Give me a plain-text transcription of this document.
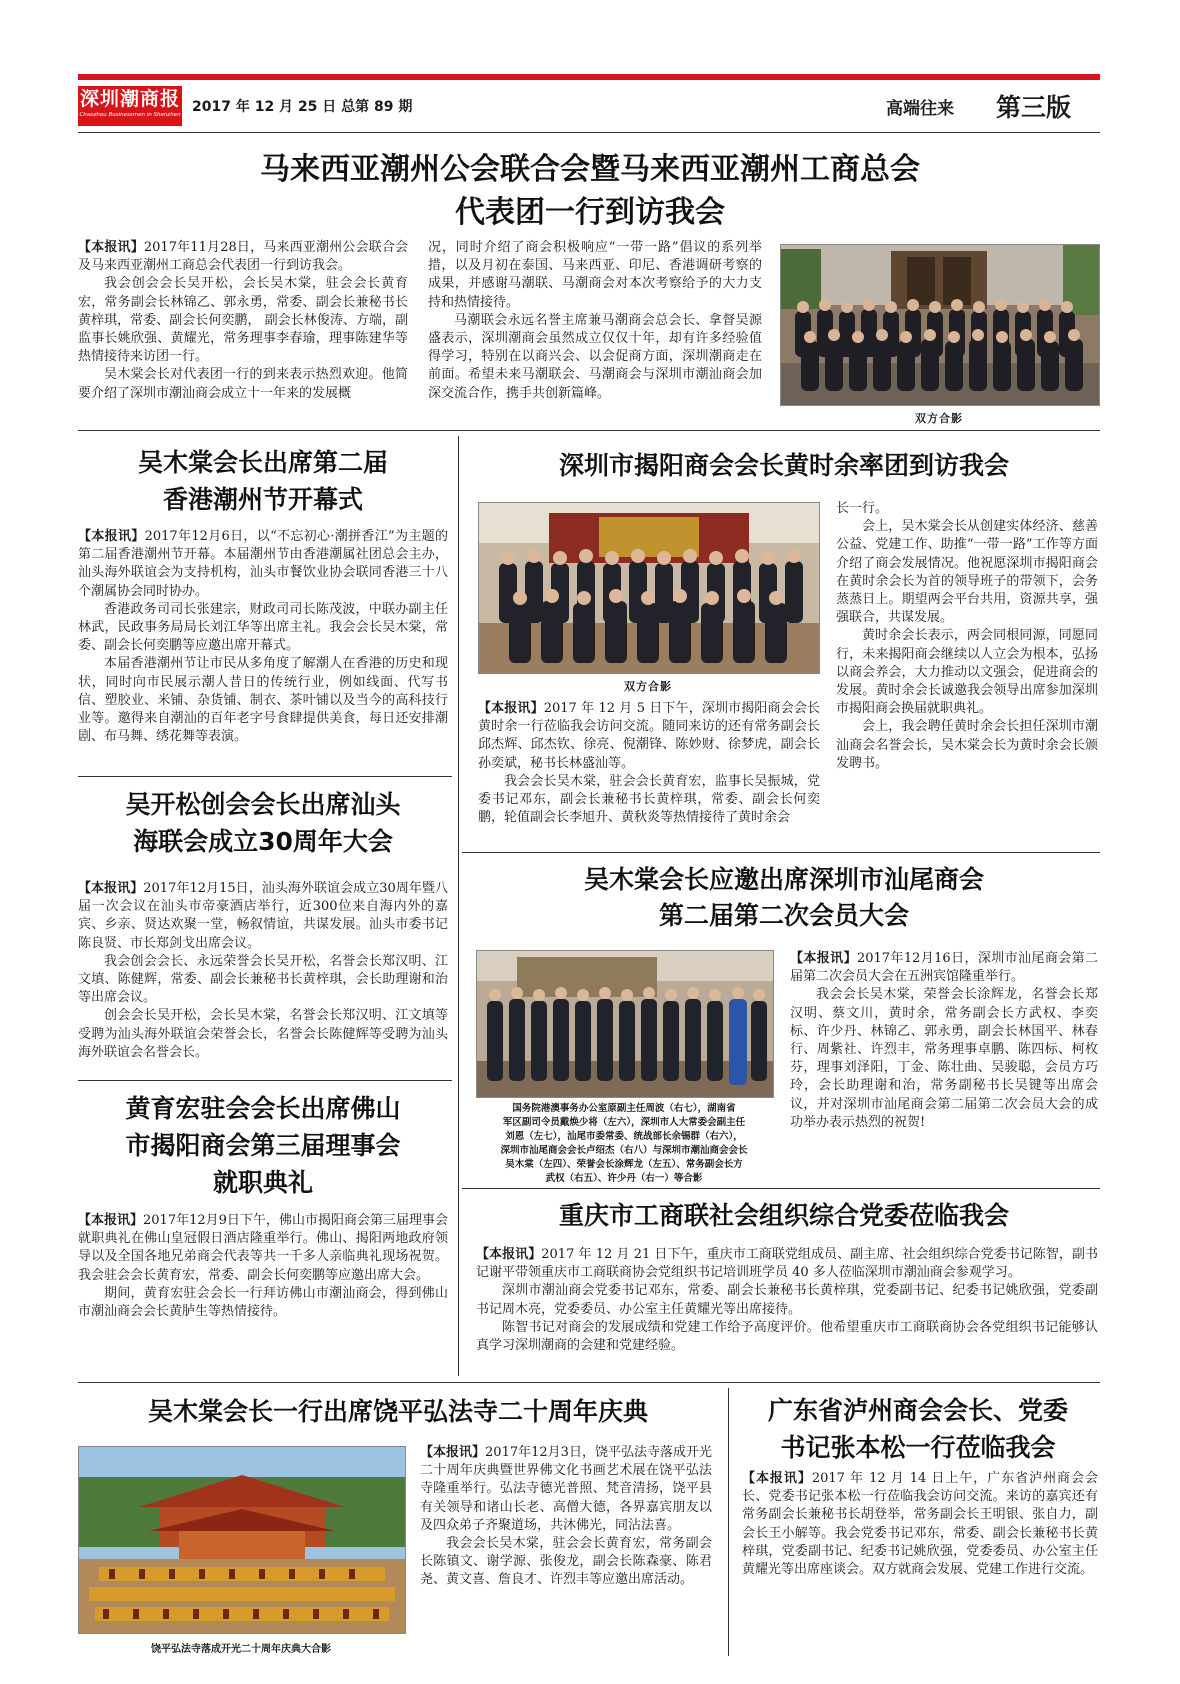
深圳潮商报
Chaozhou Businessmen in Shenzhen 2017 年 12 月 25 日 总第 89 期	高端往来 第三版
马来西亚潮州公会联合会暨马来西亚潮州工商总会
代表团一行到访我会

【本报讯】2017年11月28日，马来西亚潮州公会联合会及马来西亚潮州工商总会代表团一行到访我会。

我会创会会长吴开松，会长吴木棠，驻会会长黄育宏，常务副会长林锦乙、郭永勇，常委、副会长兼秘书长黄梓琪，常委、副会长何奕鹏， 副会长林俊涛、方端，副监事长姚欣强、黄耀光，常务理事李春瑜，理事陈建华等热情接待来访团一行。

吴木棠会长对代表团一行的到来表示热烈欢迎。他简要介绍了深圳市潮汕商会成立十一年来的发展概

况，同时介绍了商会积极响应“一带一路”倡议的系列举措，以及月初在泰国、马来西亚、印尼、香港调研考察的成果，并感谢马潮联、马潮商会对本次考察给予的大力支持和热情接待。

马潮联会永远名誉主席兼马潮商会总会长、拿督吴源盛表示，深圳潮商会虽然成立仅仅十年，却有许多经验值得学习，特别在以商兴会、以会促商方面，深圳潮商走在前面。希望未来马潮联会、马潮商会与深圳市潮汕商会加深交流合作，携手共创新篇峰。

双方合影
吴木棠会长出席第二届
香港潮州节开幕式

【本报讯】2017年12月6日，以“不忘初心·潮拼香江”为主题的第二届香港潮州节开幕。本届潮州节由香港潮属社团总会主办，汕头海外联谊会为支持机构，汕头市餐饮业协会联同香港三十八个潮属协会同时协办。

香港政务司司长张建宗，财政司司长陈茂波，中联办副主任林武，民政事务局局长刘江华等出席主礼。我会会长吴木棠，常委、副会长何奕鹏等应邀出席开幕式。

本届香港潮州节让市民从多角度了解潮人在香港的历史和现状，同时向市民展示潮人昔日的传统行业，例如线面、代写书信、塑胶业、米铺、杂货铺、制衣、茶叶铺以及当今的高科技行业等。邀得来自潮汕的百年老字号食肆提供美食，每日还安排潮剧、布马舞、绣花舞等表演。

吴开松创会会长出席汕头
海联会成立30周年大会

【本报讯】2017年12月15日，汕头海外联谊会成立30周年暨八届一次会议在汕头市帝豪酒店举行，近300位来自海内外的嘉宾、乡亲、贤达欢聚一堂，畅叙情谊，共谋发展。汕头市委书记陈良贤、市长郑剑戈出席会议。

我会创会会长、永远荣誉会长吴开松，名誉会长郑汉明、江文填、陈健辉，常委、副会长兼秘书长黄梓琪，会长助理谢和治等出席会议。

创会会长吴开松，会长吴木棠，名誉会长郑汉明、江文填等受聘为汕头海外联谊会荣誉会长，名誉会长陈健辉等受聘为汕头海外联谊会名誉会长。

黄育宏驻会会长出席佛山
市揭阳商会第三届理事会
就职典礼

【本报讯】2017年12月9日下午，佛山市揭阳商会第三届理事会就职典礼在佛山皇冠假日酒店隆重举行。佛山、揭阳两地政府领导以及全国各地兄弟商会代表等共一千多人亲临典礼现场祝贺。我会驻会会长黄育宏，常委、副会长何奕鹏等应邀出席大会。

期间，黄育宏驻会会长一行拜访佛山市潮汕商会，得到佛山市潮汕商会会长黄胪生等热情接待。

深圳市揭阳商会会长黄时余率团到访我会
双方合影

【本报讯】2017 年 12 月 5 日下午，深圳市揭阳商会会长黄时余一行莅临我会访问交流。随同来访的还有常务副会长邱杰辉、邱杰钦、徐亮、倪潮锋、陈妙财、徐梦虎，副会长孙奕斌，秘书长林盛汕等。

我会会长吴木棠，驻会会长黄育宏，监事长吴振城，党委书记邓东，副会长兼秘书长黄梓琪，常委、副会长何奕鹏，轮值副会长李旭升、黄秋炎等热情接待了黄时余会

长一行。

会上，吴木棠会长从创建实体经济、慈善公益、党建工作、助推“一带一路”工作等方面介绍了商会发展情况。他祝愿深圳市揭阳商会在黄时余会长为首的领导班子的带领下，会务蒸蒸日上。期望两会平台共用，资源共享，强强联合，共谋发展。

黄时余会长表示，两会同根同源，同愿同行，未来揭阳商会继续以人立会为根本，弘扬以商会养会，大力推动以文强会，促进商会的发展。黄时余会长诚邀我会领导出席参加深圳市揭阳商会换届就职典礼。

会上，我会聘任黄时余会长担任深圳市潮汕商会名誉会长，吴木棠会长为黄时余会长颁发聘书。

吴木棠会长应邀出席深圳市汕尾商会
第二届第二次会员大会
国务院港澳事务办公室原副主任周波（右七），湖南省
军区副司令员戴焕少将（左六），深圳市人大常委会副主任
刘恩（左七），汕尾市委常委、统战部长余锡群（右六），
深圳市汕尾商会会长卢绍杰（右八）与深圳市潮汕商会会长
吴木棠（左四）、荣誉会长涂辉龙（左五）、常务副会长方
武权（右五）、许少丹（右一）等合影

【本报讯】2017年12月16日，深圳市汕尾商会第二届第二次会员大会在五洲宾馆隆重举行。

我会会长吴木棠，荣誉会长涂辉龙，名誉会长郑汉明、蔡文川，黄时余，常务副会长方武权、李奕标、许少丹、林锦乙、郭永勇，副会长林国平、林春行、周紫社、许烈丰，常务理事卓鹏、陈四标、柯枚芬，理事刘泽阳，丁金、陈壮曲、吴骏聪，会员方巧玲，会长助理谢和治，常务副秘书长吴键等出席会议，并对深圳市汕尾商会第二届第二次会员大会的成功举办表示热烈的祝贺!

重庆市工商联社会组织综合党委莅临我会

【本报讯】2017 年 12 月 21 日下午，重庆市工商联党组成员、副主席、社会组织综合党委书记陈智，副书记谢平带领重庆市工商联商协会党组织书记培训班学员 40 多人莅临深圳市潮汕商会参观学习。

深圳市潮汕商会党委书记邓东，常委、副会长兼秘书长黄梓琪，党委副书记、纪委书记姚欣强，党委副书记周木亮，党委委员、办公室主任黄耀光等出席接待。

陈智书记对商会的发展成绩和党建工作给予高度评价。他希望重庆市工商联商协会各党组织书记能够认真学习深圳潮商的会建和党建经验。

吴木棠会长一行出席饶平弘法寺二十周年庆典
饶平弘法寺落成开光二十周年庆典大合影

【本报讯】2017年12月3日，饶平弘法寺落成开光二十周年庆典暨世界佛文化书画艺术展在饶平弘法寺隆重举行。弘法寺德光普照、梵音清扬，饶平县有关领导和诸山长老、高僧大德，各界嘉宾朋友以及四众弟子齐聚道场，共沐佛光，同沾法喜。

我会会长吴木棠，驻会会长黄育宏，常务副会长陈镇文、谢学源、张俊龙，副会长陈森豪、陈君尧、黄文喜、詹良才、许烈丰等应邀出席活动。

广东省泸州商会会长、党委
书记张本松一行莅临我会

【本报讯】2017 年 12 月 14 日上午，广东省泸州商会会长、党委书记张本松一行莅临我会访问交流。来访的嘉宾还有常务副会长兼秘书长胡登举，常务副会长王明银、张自力，副会长王小解等。我会党委书记邓东，常委、副会长兼秘书长黄梓琪，党委副书记、纪委书记姚欣强，党委委员、办公室主任黄耀光等出席座谈会。双方就商会发展、党建工作进行交流。
